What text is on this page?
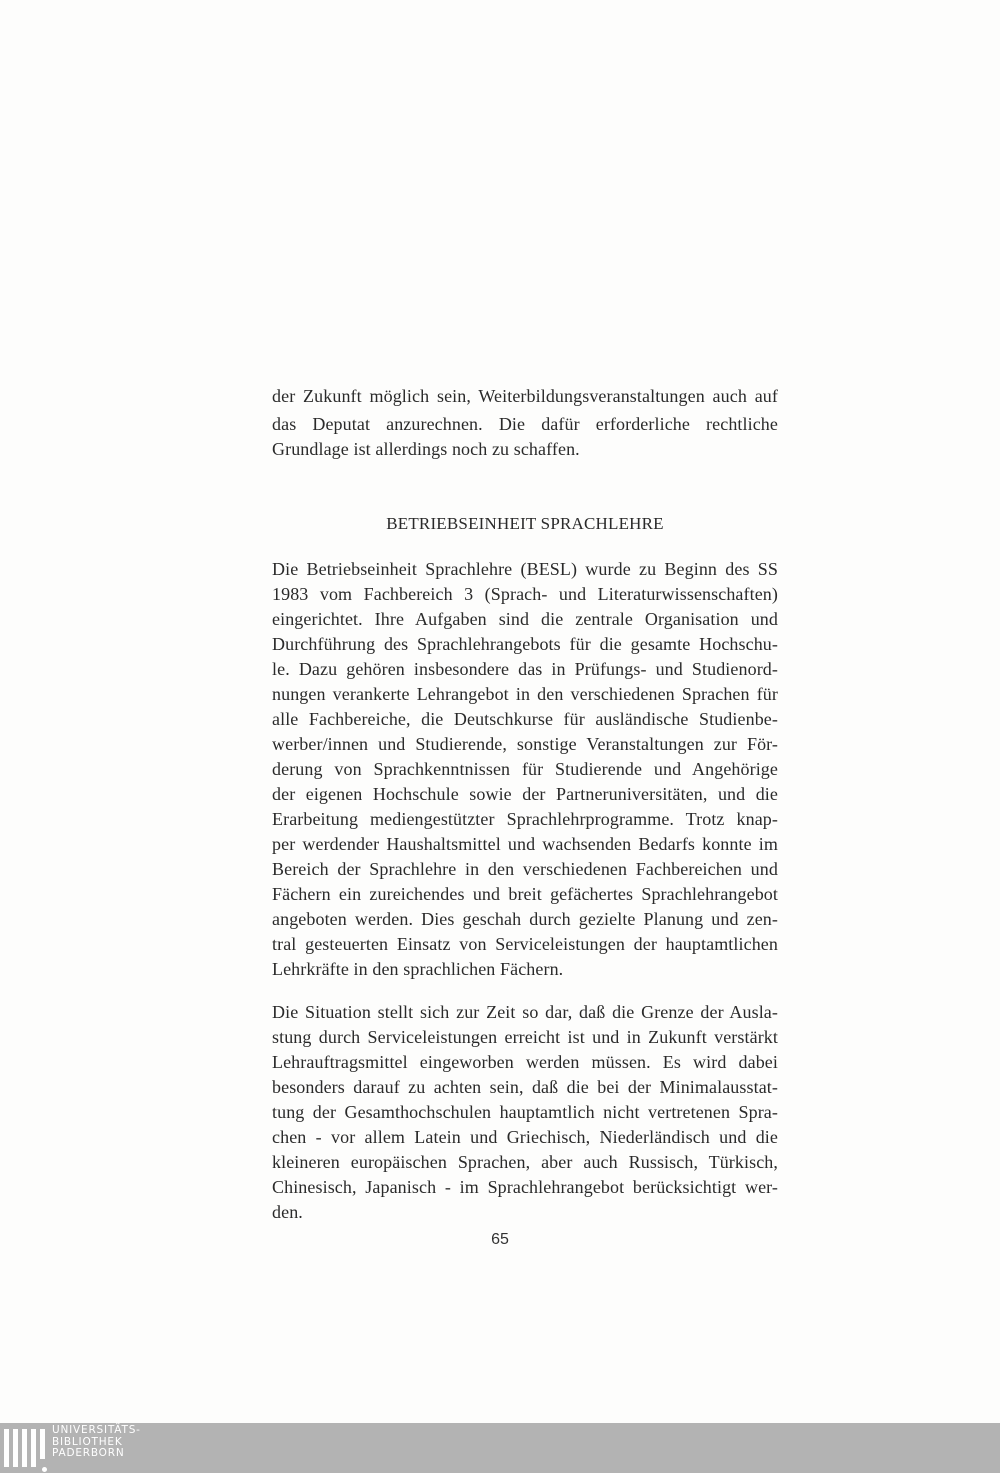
der Zukunft möglich sein, Weiterbildungsveranstaltungen auch auf
das Deputat anzurechnen. Die dafür erforderliche rechtliche
Grundlage ist allerdings noch zu schaffen.
BETRIEBSEINHEIT SPRACHLEHRE
Die Betriebseinheit Sprachlehre (BESL) wurde zu Beginn des SS
1983 vom Fachbereich 3 (Sprach- und Literaturwissenschaften)
eingerichtet. Ihre Aufgaben sind die zentrale Organisation und
Durchführung des Sprachlehrangebots für die gesamte Hochschu-
le. Dazu gehören insbesondere das in Prüfungs- und Studienord-
nungen verankerte Lehrangebot in den verschiedenen Sprachen für
alle Fachbereiche, die Deutschkurse für ausländische Studienbe-
werber/innen und Studierende, sonstige Veranstaltungen zur För-
derung von Sprachkenntnissen für Studierende und Angehörige
der eigenen Hochschule sowie der Partneruniversitäten, und die
Erarbeitung mediengestützter Sprachlehrprogramme. Trotz knap-
per werdender Haushaltsmittel und wachsenden Bedarfs konnte im
Bereich der Sprachlehre in den verschiedenen Fachbereichen und
Fächern ein zureichendes und breit gefächertes Sprachlehrangebot
angeboten werden. Dies geschah durch gezielte Planung und zen-
tral gesteuerten Einsatz von Serviceleistungen der hauptamtlichen
Lehrkräfte in den sprachlichen Fächern.
Die Situation stellt sich zur Zeit so dar, daß die Grenze der Ausla-
stung durch Serviceleistungen erreicht ist und in Zukunft verstärkt
Lehrauftragsmittel eingeworben werden müssen. Es wird dabei
besonders darauf zu achten sein, daß die bei der Minimalausstat-
tung der Gesamthochschulen hauptamtlich nicht vertretenen Spra-
chen - vor allem Latein und Griechisch, Niederländisch und die
kleineren europäischen Sprachen, aber auch Russisch, Türkisch,
Chinesisch, Japanisch - im Sprachlehrangebot berücksichtigt wer-
den.
65
UNIVERSITÄTS-
BIBLIOTHEK
PADERBORN
